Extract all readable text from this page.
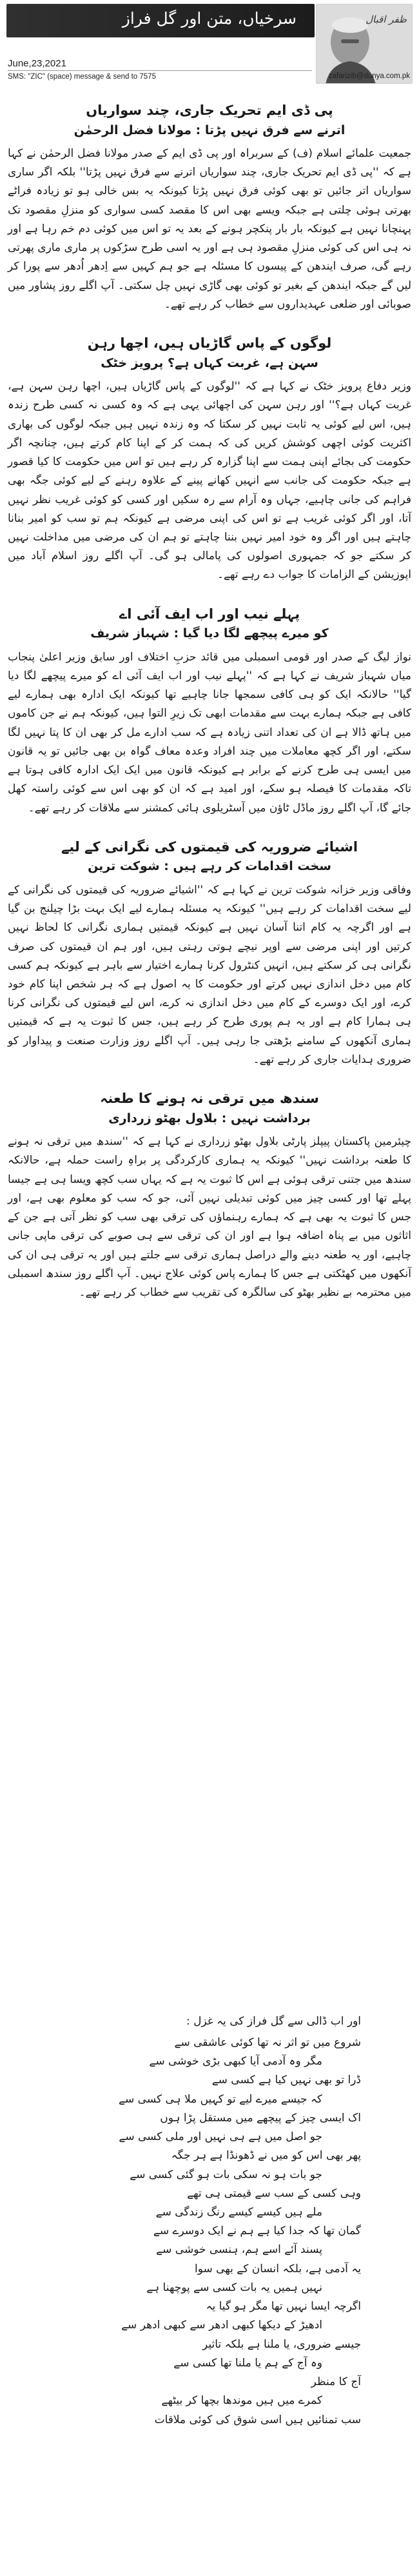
سرخیاں، متن اور گل فراز	ظفر اقبال
June,23,2021
SMS: "ZIC" (space) message & send to 7575	zafarizib@dunya.com.pk
پی ڈی ایم تحریک جاری، چند سواریاں
اترنے سے فرق نہیں پڑتا : مولانا فضل الرحمٰن

جمعیت علمائے اسلام (ف) کے سربراہ اور پی ڈی ایم کے صدر مولانا فضل الرحمٰن نے کہا ہے کہ ''پی ڈی ایم تحریک جاری، چند سواریاں اترنے سے فرق نہیں پڑتا'' بلکہ اگر ساری سواریاں اتر جائیں تو بھی کوئی فرق نہیں پڑتا کیونکہ یہ بس خالی ہو تو زیادہ فراٹے بھرتی ہوئی چلتی ہے جبکہ ویسے بھی اس کا مقصد کسی سواری کو منزلِ مقصود تک پہنچانا نہیں ہے کیونکہ بار بار پنکچر ہونے کے بعد یہ تو اس میں کوئی دم خم رہا ہے اور نہ ہی اس کی کوئی منزلِ مقصود ہی ہے اور یہ اسی طرح سڑکوں پر ماری ماری پھرتی رہے گی، صرف ایندھن کے پیسوں کا مسئلہ ہے جو ہم کہیں سے اِدھر اُدھر سے پورا کر لیں گے جبکہ ایندھن کے بغیر تو کوئی بھی گاڑی نہیں چل سکتی۔ آپ اگلے روز پشاور میں صوبائی اور ضلعی عہدیداروں سے خطاب کر رہے تھے۔

لوگوں کے پاس گاڑیاں ہیں، اچھا رہن
سہن ہے، غربت کہاں ہے؟ پرویز خٹک

وزیر دفاع پرویز خٹک نے کہا ہے کہ ''لوگوں کے پاس گاڑیاں ہیں، اچھا رہن سہن ہے، غربت کہاں ہے؟'' اور رہن سہن کی اچھائی یہی ہے کہ وہ کسی نہ کسی طرح زندہ ہیں، اس لیے کوئی یہ ثابت نہیں کر سکتا کہ وہ زندہ نہیں ہیں جبکہ لوگوں کی بھاری اکثریت کوئی اچھی کوشش کریں کی کہ ہمت کر کے اپنا کام کرتے ہیں، چنانچہ اگر حکومت کی بجائے اپنی ہمت سے اپنا گزارہ کر رہے ہیں تو اس میں حکومت کا کیا قصور ہے جبکہ حکومت کی جانب سے انہیں کھانے پینے کے علاوہ رہنے کے لیے کوئی جگہ بھی فراہم کی جانی چاہیے، جہاں وہ آرام سے رہ سکیں اور کسی کو کوئی غریب نظر نہیں آتا، اور اگر کوئی غریب ہے تو اس کی اپنی مرضی ہے کیونکہ ہم تو سب کو امیر بنانا چاہتے ہیں اور اگر وہ خود امیر نہیں بننا چاہتے تو ہم ان کی مرضی میں مداخلت نہیں کر سکتے جو کہ جمہوری اصولوں کی پامالی ہو گی۔ آپ اگلے روز اسلام آباد میں اپوزیشن کے الزامات کا جواب دے رہے تھے۔

پہلے نیب اور اب ایف آئی اے
کو میرے پیچھے لگا دیا گیا : شہباز شریف

نواز لیگ کے صدر اور قومی اسمبلی میں قائد حزبِ اختلاف اور سابق وزیر اعلیٰ پنجاب میاں شہباز شریف نے کہا ہے کہ ''پہلے نیب اور اب ایف آئی اے کو میرے پیچھے لگا دیا گیا'' حالانکہ ایک کو ہی کافی سمجھا جانا چاہیے تھا کیونکہ ایک ادارہ بھی ہمارے لیے کافی ہے جبکہ ہمارے بہت سے مقدمات ابھی تک زیرِ التوا ہیں، کیونکہ ہم نے جن کاموں میں ہاتھ ڈالا ہے ان کی تعداد اتنی زیادہ ہے کہ سب ادارے مل کر بھی ان کا پتا نہیں لگا سکتے، اور اگر کچھ معاملات میں چند افراد وعدہ معاف گواہ بن بھی جائیں تو یہ قانون میں ایسی ہی طرح کرنے کے برابر ہے کیونکہ قانون میں ایک ایک ادارہ کافی ہوتا ہے تاکہ مقدمات کا فیصلہ ہو سکے، اور امید ہے کہ ان کو بھی اس سے کوئی راستہ کھل جائے گا، آپ اگلے روز ماڈل ٹاؤن میں آسٹریلوی ہائی کمشنر سے ملاقات کر رہے تھے۔

اشیائے ضروریہ کی قیمتوں کی نگرانی کے لیے
سخت اقدامات کر رہے ہیں : شوکت ترین

وفاقی وزیر خزانہ شوکت ترین نے کہا ہے کہ ''اشیائے ضروریہ کی قیمتوں کی نگرانی کے لیے سخت اقدامات کر رہے ہیں'' کیونکہ یہ مسئلہ ہمارے لیے ایک بہت بڑا چیلنج بن گیا ہے اور اگرچہ یہ کام اتنا آسان نہیں ہے کیونکہ قیمتیں ہماری نگرانی کا لحاظ نہیں کرتیں اور اپنی مرضی سے اوپر نیچے ہوتی رہتی ہیں، اور ہم ان قیمتوں کی صرف نگرانی ہی کر سکتے ہیں، انہیں کنٹرول کرنا ہمارے اختیار سے باہر ہے کیونکہ ہم کسی کام میں دخل اندازی نہیں کرتے اور حکومت کا یہ اصول ہے کہ ہر شخص اپنا کام خود کرے، اور ایک دوسرے کے کام میں دخل اندازی نہ کرے، اس لیے قیمتوں کی نگرانی کرنا ہی ہمارا کام ہے اور یہ ہم پوری طرح کر رہے ہیں، جس کا ثبوت یہ ہے کہ قیمتیں ہماری آنکھوں کے سامنے بڑھتی جا رہی ہیں۔ آپ اگلے روز وزارت صنعت و پیداوار کو ضروری ہدایات جاری کر رہے تھے۔

سندھ میں ترقی نہ ہونے کا طعنہ
برداشت نہیں : بلاول بھٹو زرداری

چیئرمین پاکستان پیپلز پارٹی بلاول بھٹو زرداری نے کہا ہے کہ ''سندھ میں ترقی نہ ہونے کا طعنہ برداشت نہیں'' کیونکہ یہ ہماری کارکردگی پر براہِ راست حملہ ہے، حالانکہ سندھ میں جتنی ترقی ہوئی ہے اس کا ثبوت یہ ہے کہ یہاں سب کچھ ویسا ہی ہے جیسا پہلے تھا اور کسی چیز میں کوئی تبدیلی نہیں آئی، جو کہ سب کو معلوم بھی ہے، اور جس کا ثبوت یہ بھی ہے کہ ہمارے رہنماؤں کی ترقی بھی سب کو نظر آتی ہے جن کے اثاثوں میں بے پناہ اضافہ ہوا ہے اور ان کی ترقی سے ہی صوبے کی ترقی ماپی جانی چاہیے، اور یہ طعنہ دینے والے دراصل ہماری ترقی سے جلتے ہیں اور یہ ترقی ہی ان کی آنکھوں میں کھٹکتی ہے جس کا ہمارے پاس کوئی علاج نہیں۔ آپ اگلے روز سندھ اسمبلی میں محترمہ بے نظیر بھٹو کی سالگرہ کی تقریب سے خطاب کر رہے تھے۔

اور اب ڈالی سے گل فراز کی یہ غزل :
شروع میں تو اثر نہ تھا کوئی عاشقی سے
مگر وہ آدمی آیا کبھی بڑی خوشی سے
ڈرا تو بھی نہیں کیا ہے کسی سے
کہ جیسے میرے لیے تو کہیں ملا ہی کسی سے
اک ایسی چیز کے پیچھے میں مستقل پڑا ہوں
جو اصل میں ہے ہی نہیں اور ملی کسی سے
پھر بھی اس کو میں نے ڈھونڈا ہے ہر جگہ
جو بات ہو نہ سکی بات ہو گئی کسی سے
وہی کسی کے سب سے قیمتی ہی تھے
ملے ہیں کیسے کیسے رنگ زندگی سے
گمان تھا کہ جدا کیا ہے ہم نے ایک دوسرے سے
پسند آئے اسے ہم، ہنسی خوشی سے
یہ آدمی ہے، بلکہ انسان کے بھی سوا
نہیں ہمیں یہ بات کسی سے پوچھنا ہے
اگرچہ ایسا نہیں تھا مگر ہو گیا یہ
ادھیڑ کے دیکھا کبھی ادھر سے کبھی ادھر سے
جیسے ضروری، یا ملنا ہے بلکہ تاثیر
وہ آج کے ہم یا ملنا تھا کسی سے
آج کا منظر
کمرے میں ہیں موندھا بچھا کر بیٹھے
سب تمنائیں ہیں اسی شوق کی کوئی ملاقات
